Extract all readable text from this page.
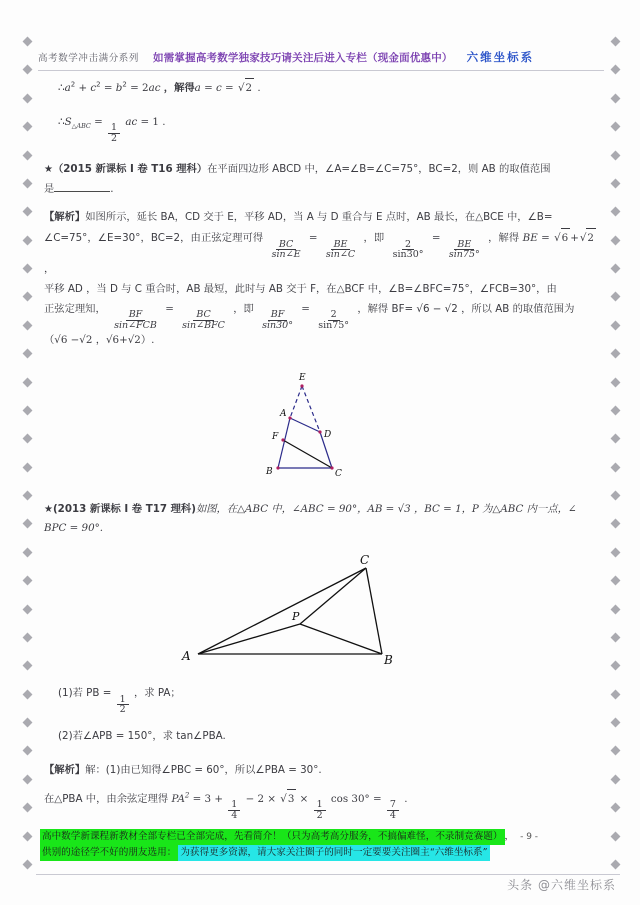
高考数学冲击满分系列 如需掌握高考数学独家技巧请关注后进入专栏（现金面优惠中） 六维坐标系
$\therefore a^2 + c^2 = b^2 = 2ac$ ，解得a = c = √2 .
$\therefore S_{\triangle ABC}$ =
$\frac{1}{2}$
ac = 1 .
★（2015 新课标 I 卷 T16 理科）在平面四边形 ABCD 中，∠A=∠B=∠C=75°，BC=2，则 AB 的取值范围
是	.
【解析】如图所示，延长 BA，CD 交于 E，平移 AD，当 A 与 D 重合与 E 点时，AB 最长，在△BCE 中，∠B=
∠C=75°，∠E=30°，BC=2，由正弦定理可得
$\frac{BC}{\sin\angle E}$
=
$\frac{BE}{\sin\angle C}$
，即
$\frac{2}{\sin 30^\circ}$
=
$\frac{BE}{\sin 75^\circ}$
，解得 BE = √6 +√2 ，
平移 AD ，当 D 与 C 重合时，AB 最短，此时与 AB 交于 F，在△BCF 中，∠B=∠BFC=75°，∠FCB=30°，由
正弦定理知，
$\frac{BF}{\text{sin∠FCB}}$
=
$\frac{BC}{\text{sin∠BFC}}$
，即
$\frac{BF}{\sin 30^\circ}$
=
$\frac{2}{\sin 75^\circ}$
，解得 BF= √6 − √2 ，所以 AB 的取值范围为
（√6 −√2 ，√6+√2）.
E
A
D
F
B	C
★(2013 新课标 I 卷 T17 理科)如图，在△ABC 中，∠ABC = 90°，AB = √3 ，BC = 1，P 为△ABC 内一点，∠
BPC = 90°.
C
P
A	B
(1)若 PB =
$\frac{1}{2}$
，求 PA；
(2)若∠APB = 150°，求 tan∠PBA.
【解析】解：(1)由已知得∠PBC = 60°，所以∠PBA = 30°.
在△PBA 中，由余弦定理得 $PA^2 = 3$ +
$\frac{1}{4}$
− 2 × √3 ×
$\frac{1}{2}$
cos 30° =
$\frac{7}{4}$
.
高中数学新课程新教材全部专栏已全部完成，先看简介！（只为高考高分服务，不搞偏难怪，不录制竞赛题） ， - 9 -
供别的途径学不好的朋友选用： 为获得更多资源，请大家关注圈子的同时一定要要关注圈主“六维坐标系”
头条 @六维坐标系
